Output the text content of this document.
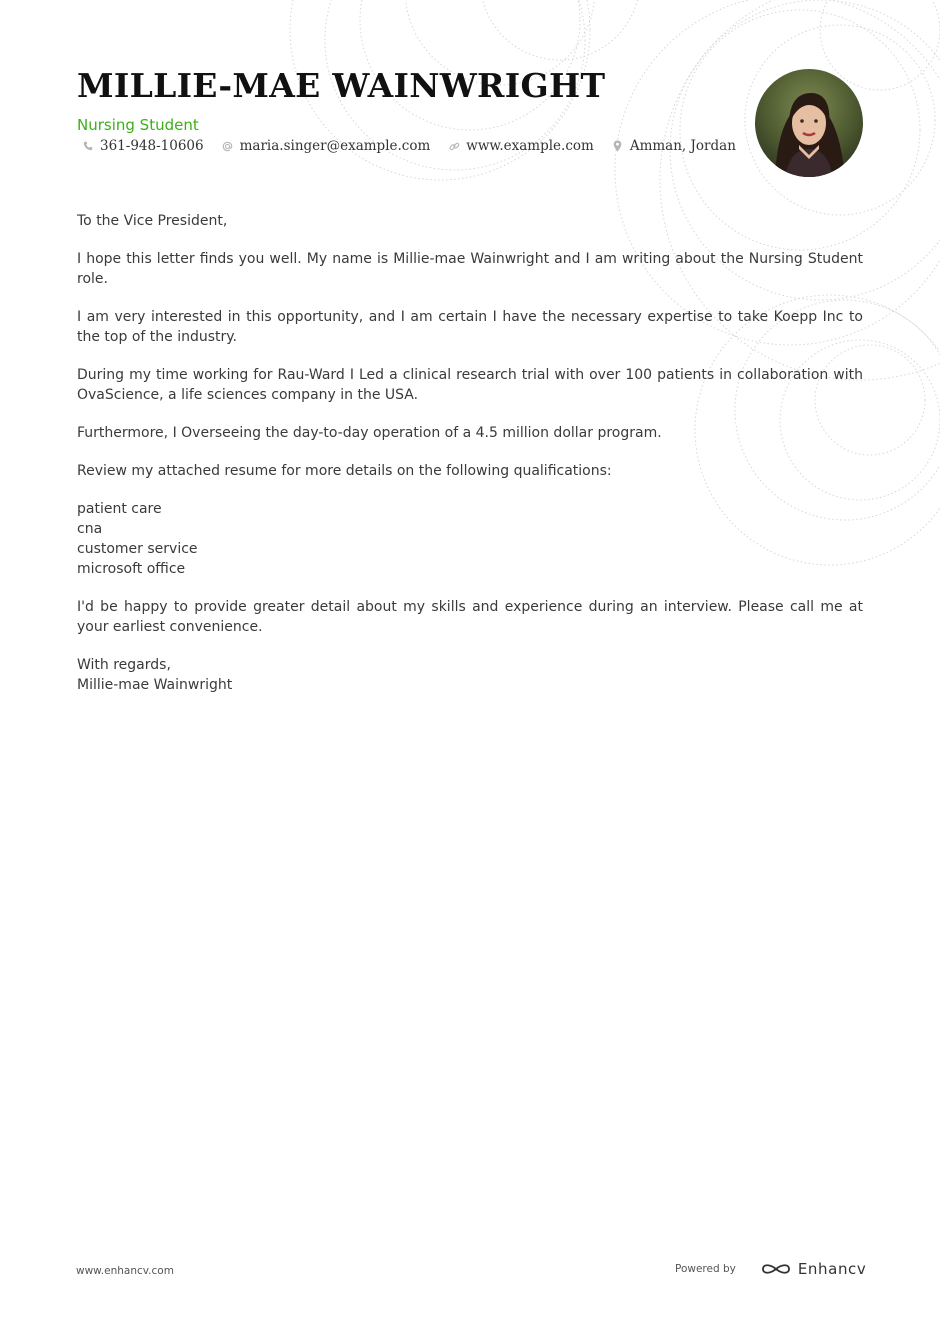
MILLIE-MAE WAINWRIGHT
Nursing Student
361-948-10606	maria.singer@example.com	www.example.com	Amman, Jordan

To the Vice President,

I hope this letter finds you well. My name is Millie-mae Wainwright and I am writing about the Nursing Student role.

I am very interested in this opportunity, and I am certain I have the necessary expertise to take Koepp Inc to the top of the industry.

During my time working for Rau-Ward I Led a clinical research trial with over 100 patients in collaboration with OvaScience, a life sciences company in the USA.

Furthermore, I Overseeing the day-to-day operation of a 4.5 million dollar program.

Review my attached resume for more details on the following qualifications:

patient care
cna
customer service
microsoft office

I'd be happy to provide greater detail about my skills and experience during an interview. Please call me at your earliest convenience.

With regards,
Millie-mae Wainwright
www.enhancv.com	Powered by	Enhancv
